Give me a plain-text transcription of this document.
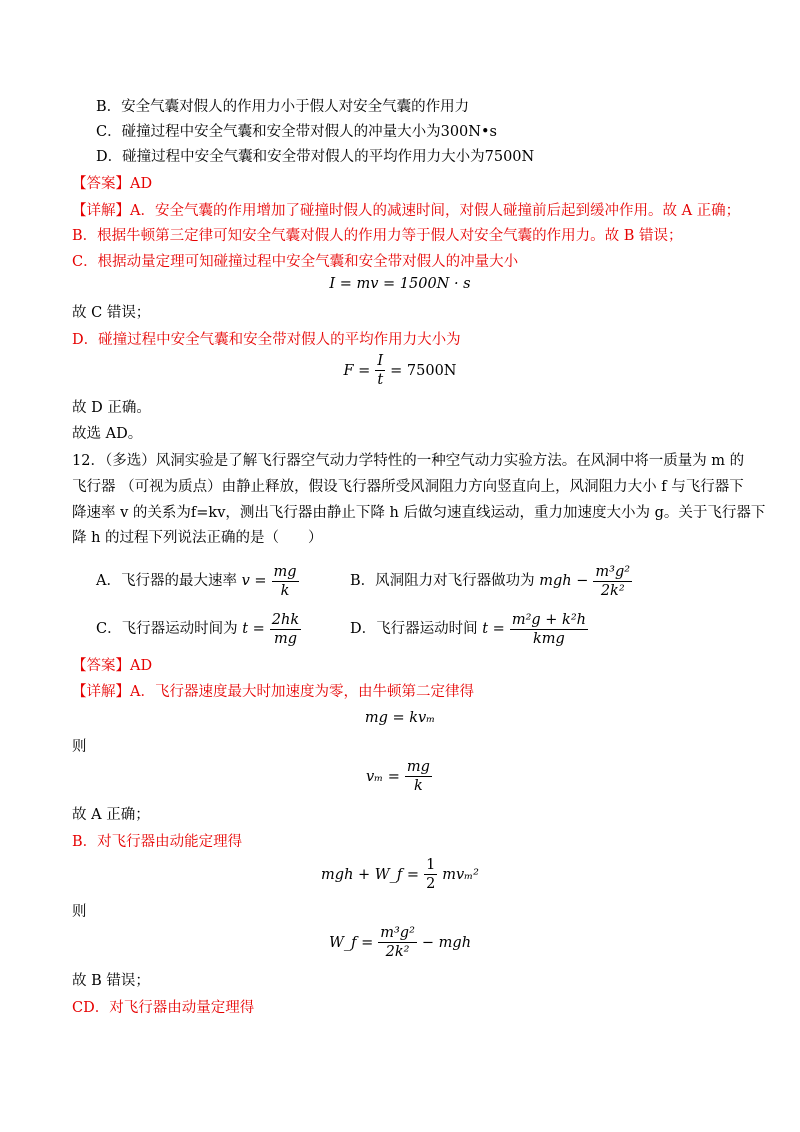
B．安全气囊对假人的作用力小于假人对安全气囊的作用力
C．碰撞过程中安全气囊和安全带对假人的冲量大小为300N•s
D．碰撞过程中安全气囊和安全带对假人的平均作用力大小为7500N
【答案】AD
【详解】A．安全气囊的作用增加了碰撞时假人的减速时间，对假人碰撞前后起到缓冲作用。故 A 正确；
B．根据牛顿第三定律可知安全气囊对假人的作用力等于假人对安全气囊的作用力。故 B 错误；
C．根据动量定理可知碰撞过程中安全气囊和安全带对假人的冲量大小
I = mv = 1500N · s
故 C 错误；
D．碰撞过程中安全气囊和安全带对假人的平均作用力大小为
$F = \frac{I}{t} = 7500N$
故 D 正确。
故选 AD。
12．（多选）风洞实验是了解飞行器空气动力学特性的一种空气动力实验方法。在风洞中将一质量为 m 的
飞行器 （可视为质点）由静止释放，假设飞行器所受风洞阻力方向竖直向上，风洞阻力大小 f 与飞行器下
降速率 v 的关系为f=kv，测出飞行器由静止下降 h 后做匀速直线运动，重力加速度大小为 g。关于飞行器下
降 h 的过程下列说法正确的是（　　）
A．飞行器的最大速率 $v = \frac{mg}{k}$	B．风洞阻力对飞行器做功为 mgh − $\frac{\text{m³g²}}{\text{2k²}}$
C．飞行器运动时间为 $t = \frac{2hk}{mg}$	D．飞行器运动时间 $t = \frac{\text{m²g + k²h}}{\text{kmg}}$
【答案】AD
【详解】A．飞行器速度最大时加速度为零，由牛顿第二定律得
mg = kvₘ
则
$v_m = \frac{mg}{k}$
故 A 正确；
B．对飞行器由动能定理得
mgh + W_f = $\frac{1}{2} mv_m^2$
则
W_f = $\frac{\text{m³g²}}{\text{2k²}}$ − mgh
故 B 错误；
CD．对飞行器由动量定理得
